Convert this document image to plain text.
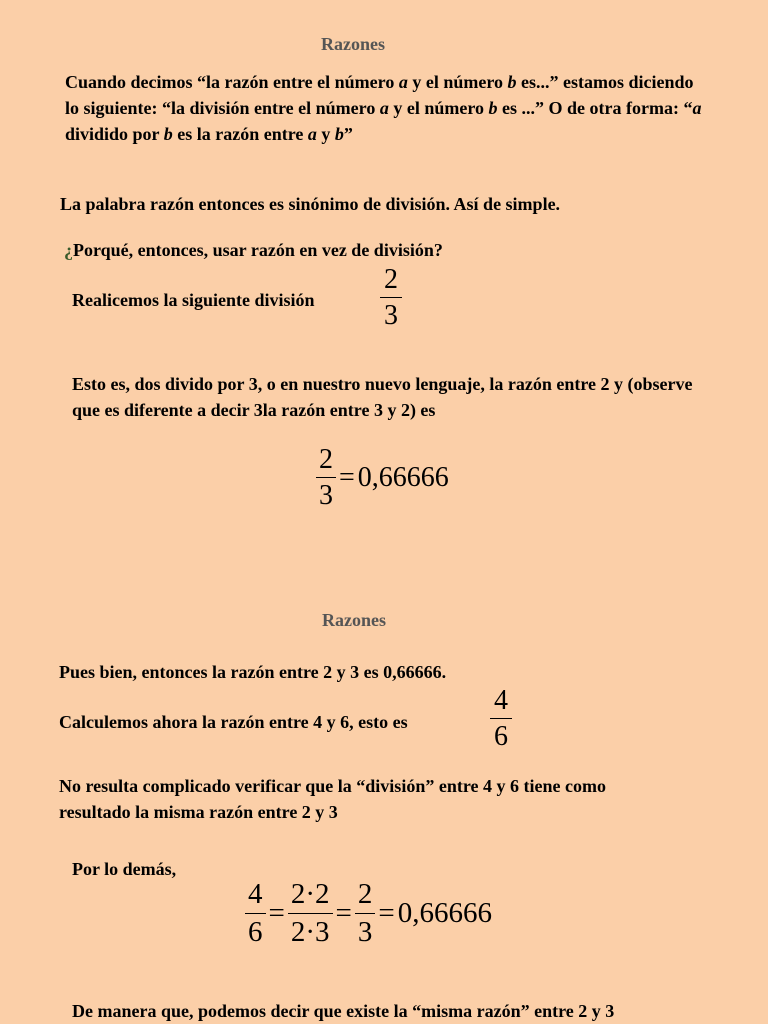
Razones
Cuando decimos “la razón entre el número a y el número b es...” estamos diciendo lo siguiente: “la división entre el número a y el número b es ...” O de otra forma: “a dividido por b es la razón entre a y b”
La palabra razón entonces es sinónimo de división. Así de simple.
¿Porqué, entonces, usar razón en vez de división?
Realicemos la siguiente división
2
3
Esto es, dos divido por 3, o en nuestro nuevo lenguaje, la razón entre 2 y (observe que es diferente a decir 3la razón entre 3 y 2) es
$\frac{2}{3} = 0,66666$
Razones
Pues bien, entonces la razón entre 2 y 3 es 0,66666.
Calculemos ahora la razón entre 4 y 6, esto es
4
6
No resulta complicado verificar que la “división” entre 4 y 6 tiene como resultado la misma razón entre 2 y 3
Por lo demás,
$\frac{4}{6} = \frac{2\cdot 2}{2\cdot 3} = \frac{2}{3} = 0,66666$
De manera que, podemos decir que existe la “misma razón” entre 2 y 3
